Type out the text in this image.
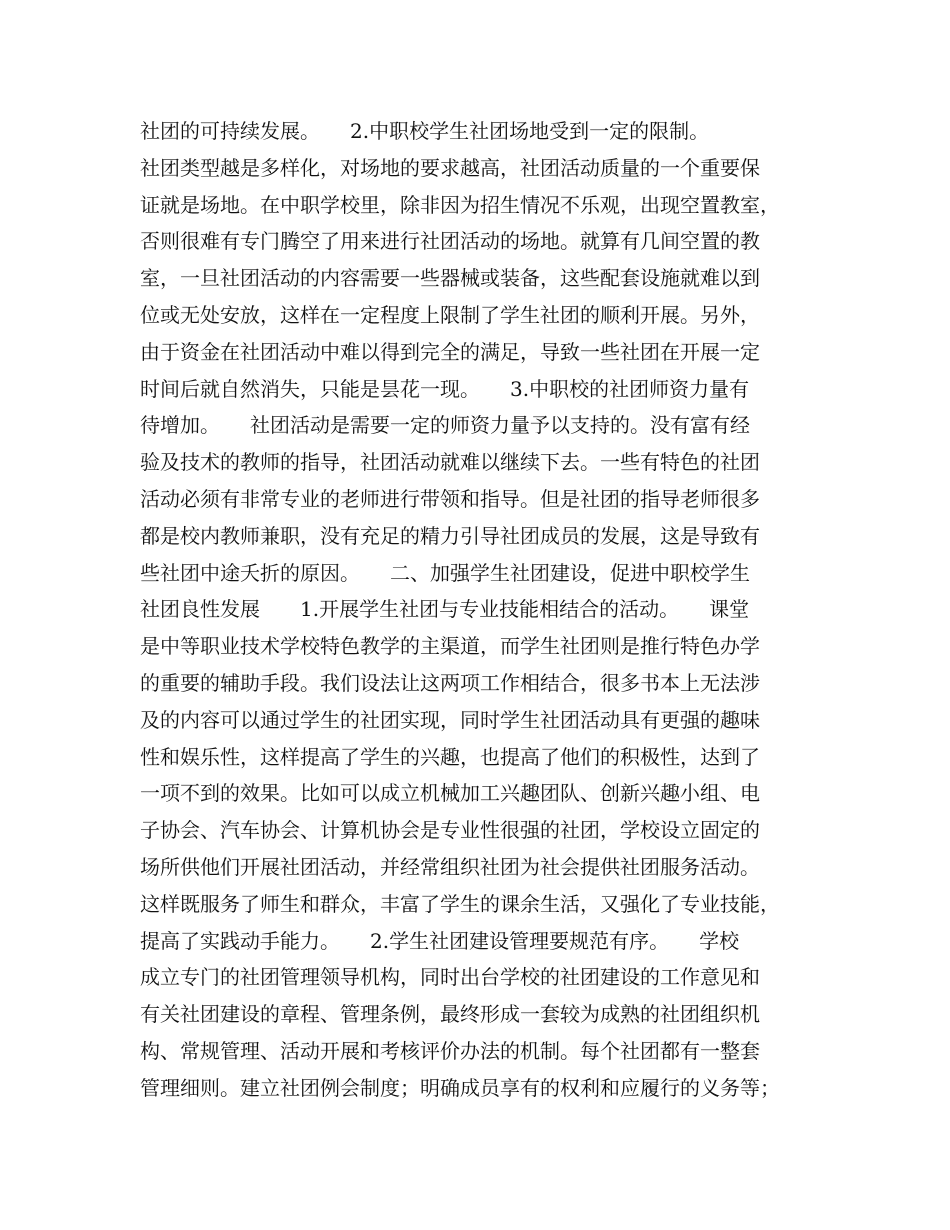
社团的可持续发展。　　2.中职校学生社团场地受到一定的限制。
社团类型越是多样化，对场地的要求越高，社团活动质量的一个重要保
证就是场地。在中职学校里，除非因为招生情况不乐观，出现空置教室，
否则很难有专门腾空了用来进行社团活动的场地。就算有几间空置的教
室，一旦社团活动的内容需要一些器械或装备，这些配套设施就难以到
位或无处安放，这样在一定程度上限制了学生社团的顺利开展。另外，
由于资金在社团活动中难以得到完全的满足，导致一些社团在开展一定
时间后就自然消失，只能是昙花一现。　　3.中职校的社团师资力量有
待增加。　　社团活动是需要一定的师资力量予以支持的。没有富有经
验及技术的教师的指导，社团活动就难以继续下去。一些有特色的社团
活动必须有非常专业的老师进行带领和指导。但是社团的指导老师很多
都是校内教师兼职，没有充足的精力引导社团成员的发展，这是导致有
些社团中途夭折的原因。　　二、加强学生社团建设，促进中职校学生
社团良性发展　　1.开展学生社团与专业技能相结合的活动。　　课堂
是中等职业技术学校特色教学的主渠道，而学生社团则是推行特色办学
的重要的辅助手段。我们设法让这两项工作相结合，很多书本上无法涉
及的内容可以通过学生的社团实现，同时学生社团活动具有更强的趣味
性和娱乐性，这样提高了学生的兴趣，也提高了他们的积极性，达到了
一项不到的效果。比如可以成立机械加工兴趣团队、创新兴趣小组、电
子协会、汽车协会、计算机协会是专业性很强的社团，学校设立固定的
场所供他们开展社团活动，并经常组织社团为社会提供社团服务活动。
这样既服务了师生和群众，丰富了学生的课余生活，又强化了专业技能，
提高了实践动手能力。　　2.学生社团建设管理要规范有序。　　学校
成立专门的社团管理领导机构，同时出台学校的社团建设的工作意见和
有关社团建设的章程、管理条例，最终形成一套较为成熟的社团组织机
构、常规管理、活动开展和考核评价办法的机制。每个社团都有一整套
管理细则。建立社团例会制度；明确成员享有的权利和应履行的义务等；
